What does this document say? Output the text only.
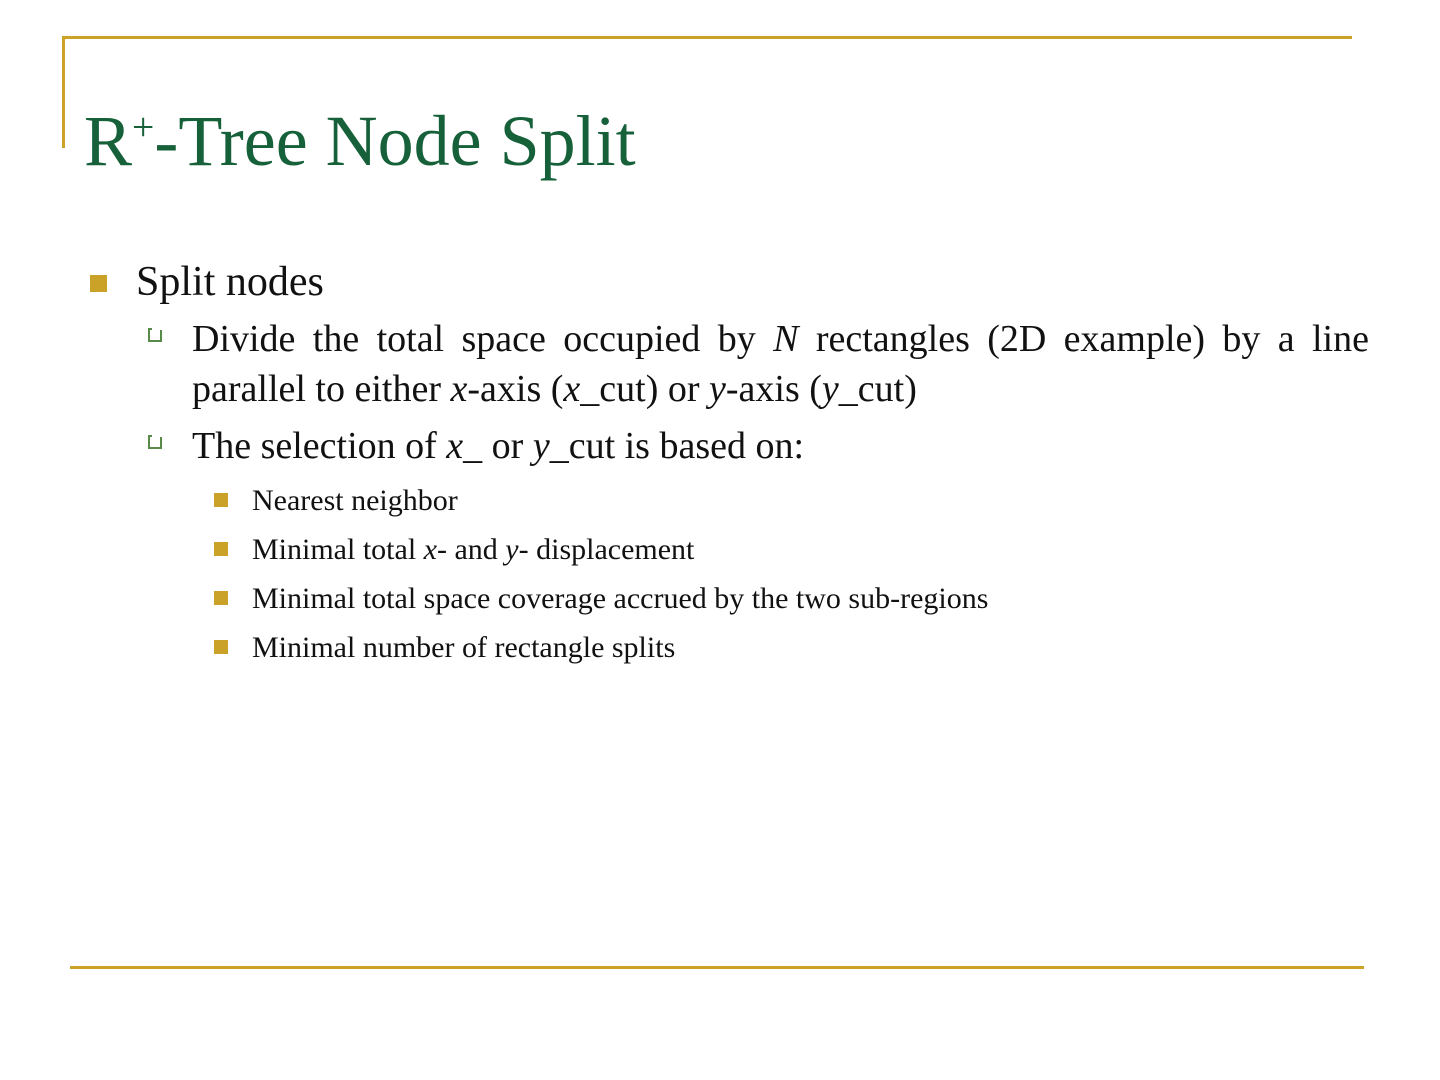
R+-Tree Node Split
Split nodes
Divide the total space occupied by N rectangles (2D example) by a line parallel to either x-axis (x_cut) or y-axis (y_cut)
The selection of x_ or y_cut is based on:
Nearest neighbor
Minimal total x- and y- displacement
Minimal total space coverage accrued by the two sub-regions
Minimal number of rectangle splits
